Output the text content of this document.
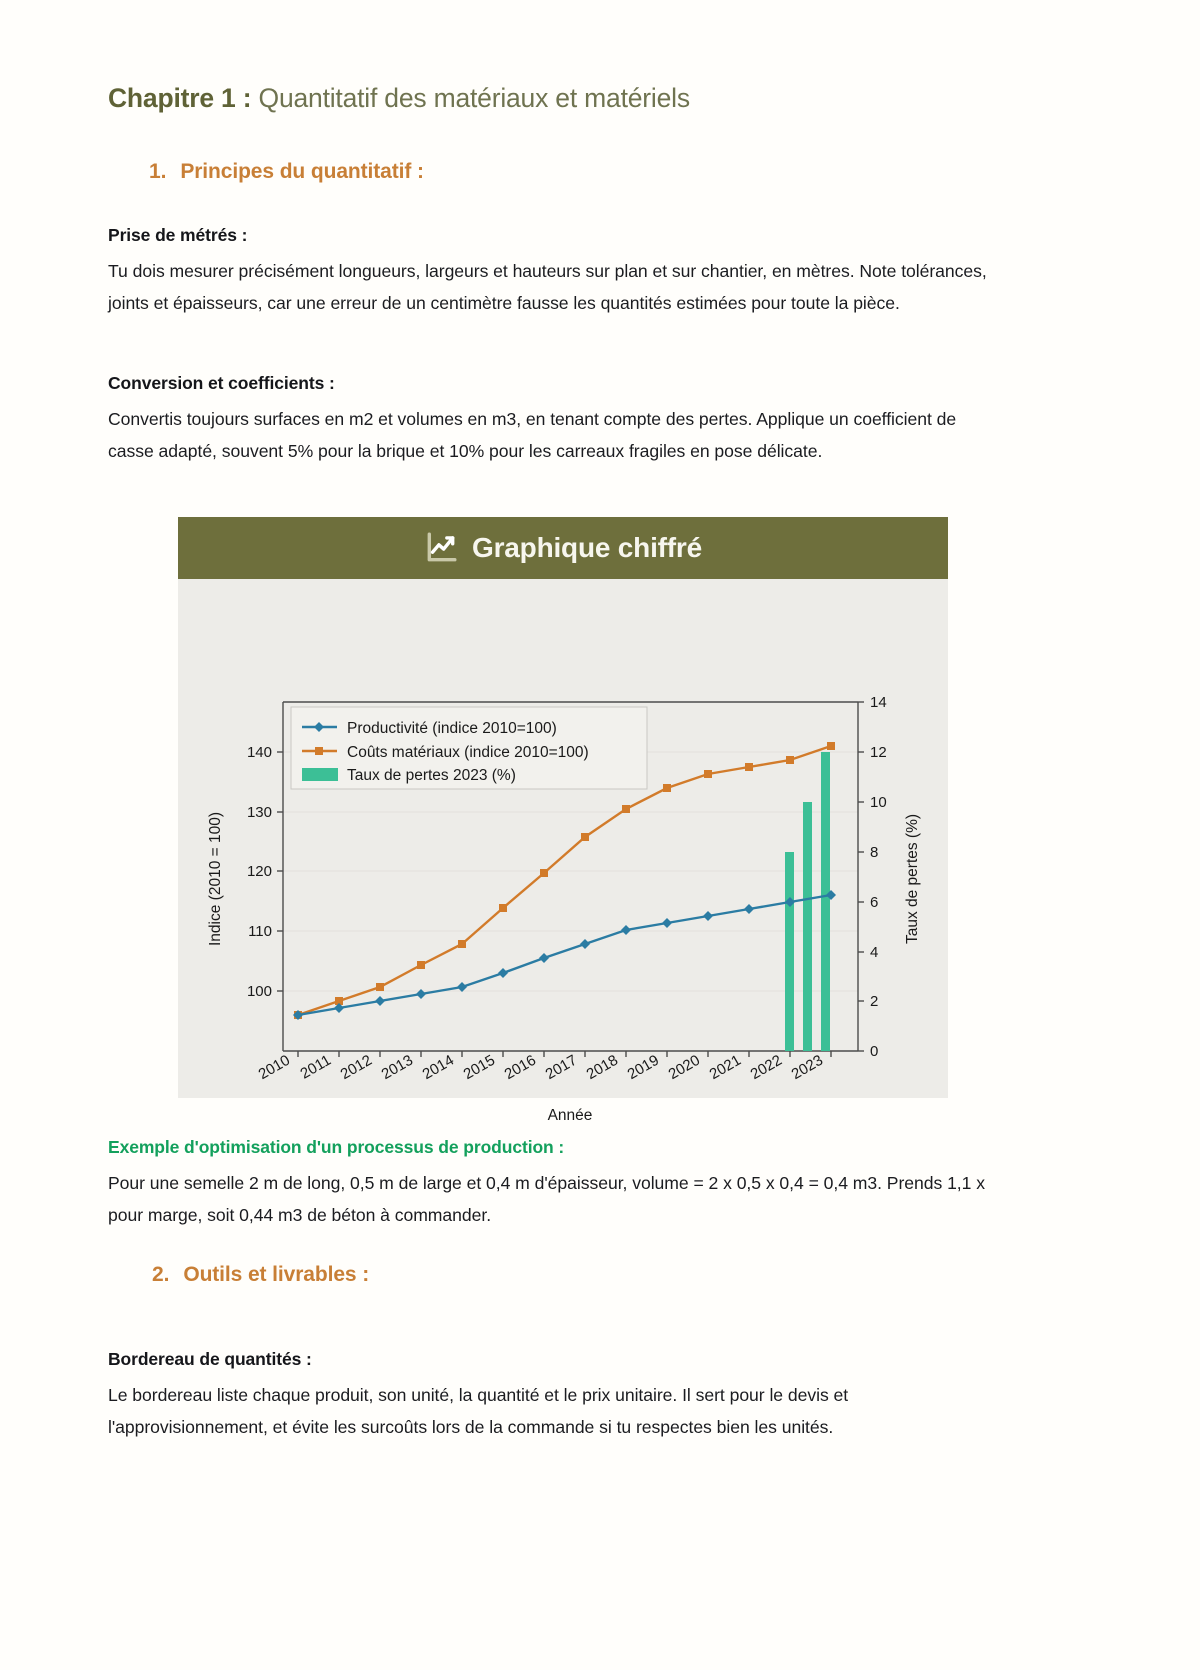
Chapitre 1 : Quantitatif des matériaux et matériels
1. Principes du quantitatif :
Prise de métrés :
Tu dois mesurer précisément longueurs, largeurs et hauteurs sur plan et sur chantier, en mètres. Note tolérances, joints et épaisseurs, car une erreur de un centimètre fausse les quantités estimées pour toute la pièce.
Conversion et coefficients :
Convertis toujours surfaces en m2 et volumes en m3, en tenant compte des pertes. Applique un coefficient de casse adapté, souvent 5% pour la brique et 10% pour les carreaux fragiles en pose délicate.
Graphique chiffré
140
130
120
110
100
Indice (2010 = 100)
14
12
10
8
6
4
2
0
Taux de pertes (%)
2010 2011 2012 2013 2014 2015 2016 2017 2018 2019 2020 2021 2022 2023
Année
Productivité (indice 2010=100)
Coûts matériaux (indice 2010=100)
Taux de pertes 2023 (%)
Exemple d'optimisation d'un processus de production :
Pour une semelle 2 m de long, 0,5 m de large et 0,4 m d'épaisseur, volume = 2 x 0,5 x 0,4 = 0,4 m3. Prends 1,1 x pour marge, soit 0,44 m3 de béton à commander.
2. Outils et livrables :
Bordereau de quantités :
Le bordereau liste chaque produit, son unité, la quantité et le prix unitaire. Il sert pour le devis et l'approvisionnement, et évite les surcoûts lors de la commande si tu respectes bien les unités.
